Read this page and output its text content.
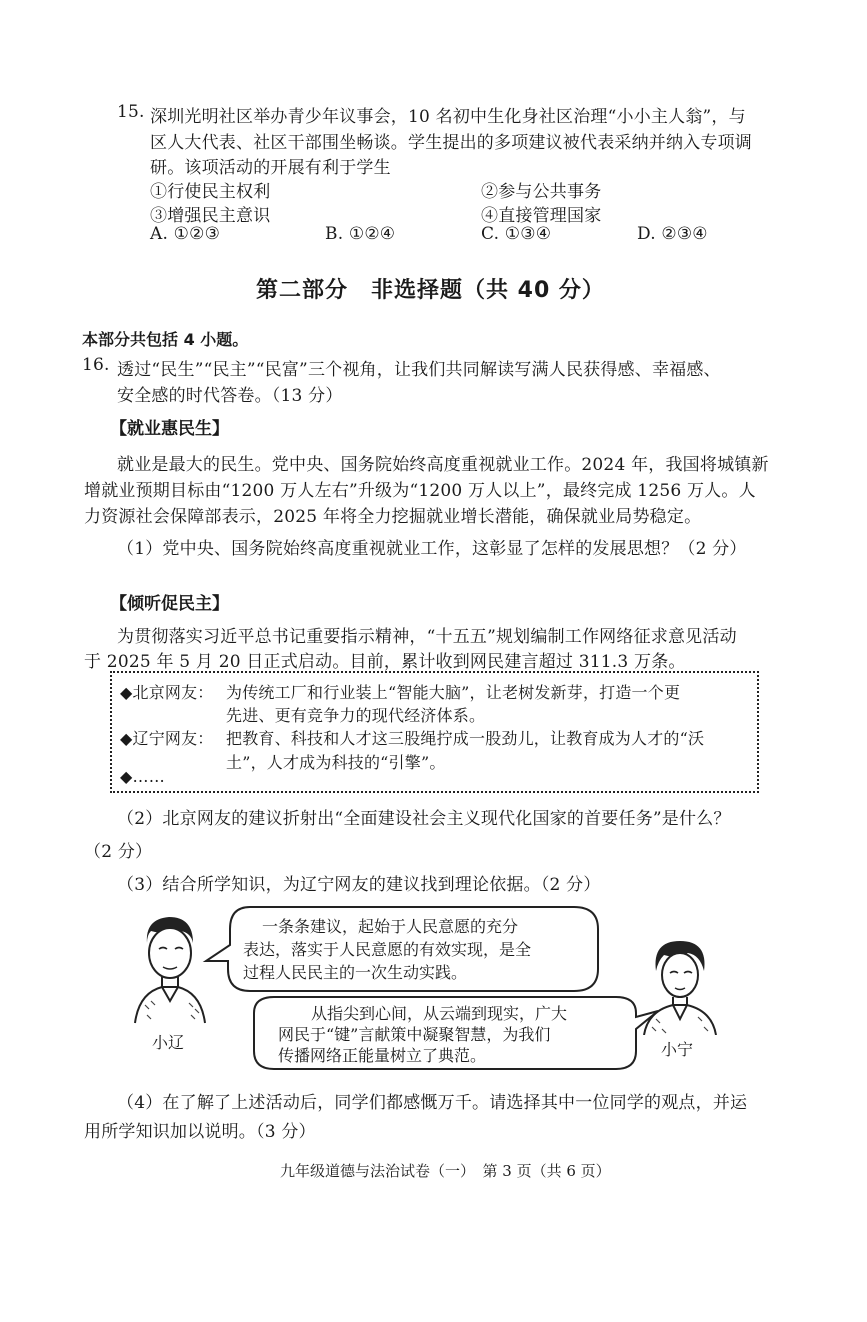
15. 深圳光明社区举办青少年议事会，10 名初中生化身社区治理“小小主人翁”，与
区人大代表、社区干部围坐畅谈。学生提出的多项建议被代表采纳并纳入专项调
研。该项活动的开展有利于学生
①行使民主权利	②参与公共事务
③增强民主意识	④直接管理国家
A. ①②③	B. ①②④	C. ①③④	D. ②③④
第二部分　非选择题（共 40 分）
本部分共包括 4 小题。
16. 透过“民生”“民主”“民富”三个视角，让我们共同解读写满人民获得感、幸福感、
安全感的时代答卷。（13 分）
【就业惠民生】
就业是最大的民生。党中央、国务院始终高度重视就业工作。2024 年，我国将城镇新
增就业预期目标由“1200 万人左右”升级为“1200 万人以上”，最终完成 1256 万人。人
力资源社会保障部表示，2025 年将全力挖掘就业增长潜能，确保就业局势稳定。
（1）党中央、国务院始终高度重视就业工作，这彰显了怎样的发展思想？（2 分）
【倾听促民主】
为贯彻落实习近平总书记重要指示精神，“十五五”规划编制工作网络征求意见活动
于 2025 年 5 月 20 日正式启动。目前，累计收到网民建言超过 311.3 万条。
◆北京网友： 为传统工厂和行业装上“智能大脑”，让老树发新芽，打造一个更
先进、更有竞争力的现代经济体系。
◆辽宁网友： 把教育、科技和人才这三股绳拧成一股劲儿，让教育成为人才的“沃
土”，人才成为科技的“引擎”。
◆……
（2）北京网友的建议折射出“全面建设社会主义现代化国家的首要任务”是什么？
（2 分）
（3）结合所学知识，为辽宁网友的建议找到理论依据。（2 分）
小辽	小宁
一条条建议，起始于人民意愿的充分
表达，落实于人民意愿的有效实现，是全
过程人民民主的一次生动实践。
从指尖到心间，从云端到现实，广大
网民于“键”言献策中凝聚智慧，为我们
传播网络正能量树立了典范。
（4）在了解了上述活动后，同学们都感慨万千。请选择其中一位同学的观点，并运
用所学知识加以说明。（3 分）
九年级道德与法治试卷（一）　第 3 页（共 6 页）
